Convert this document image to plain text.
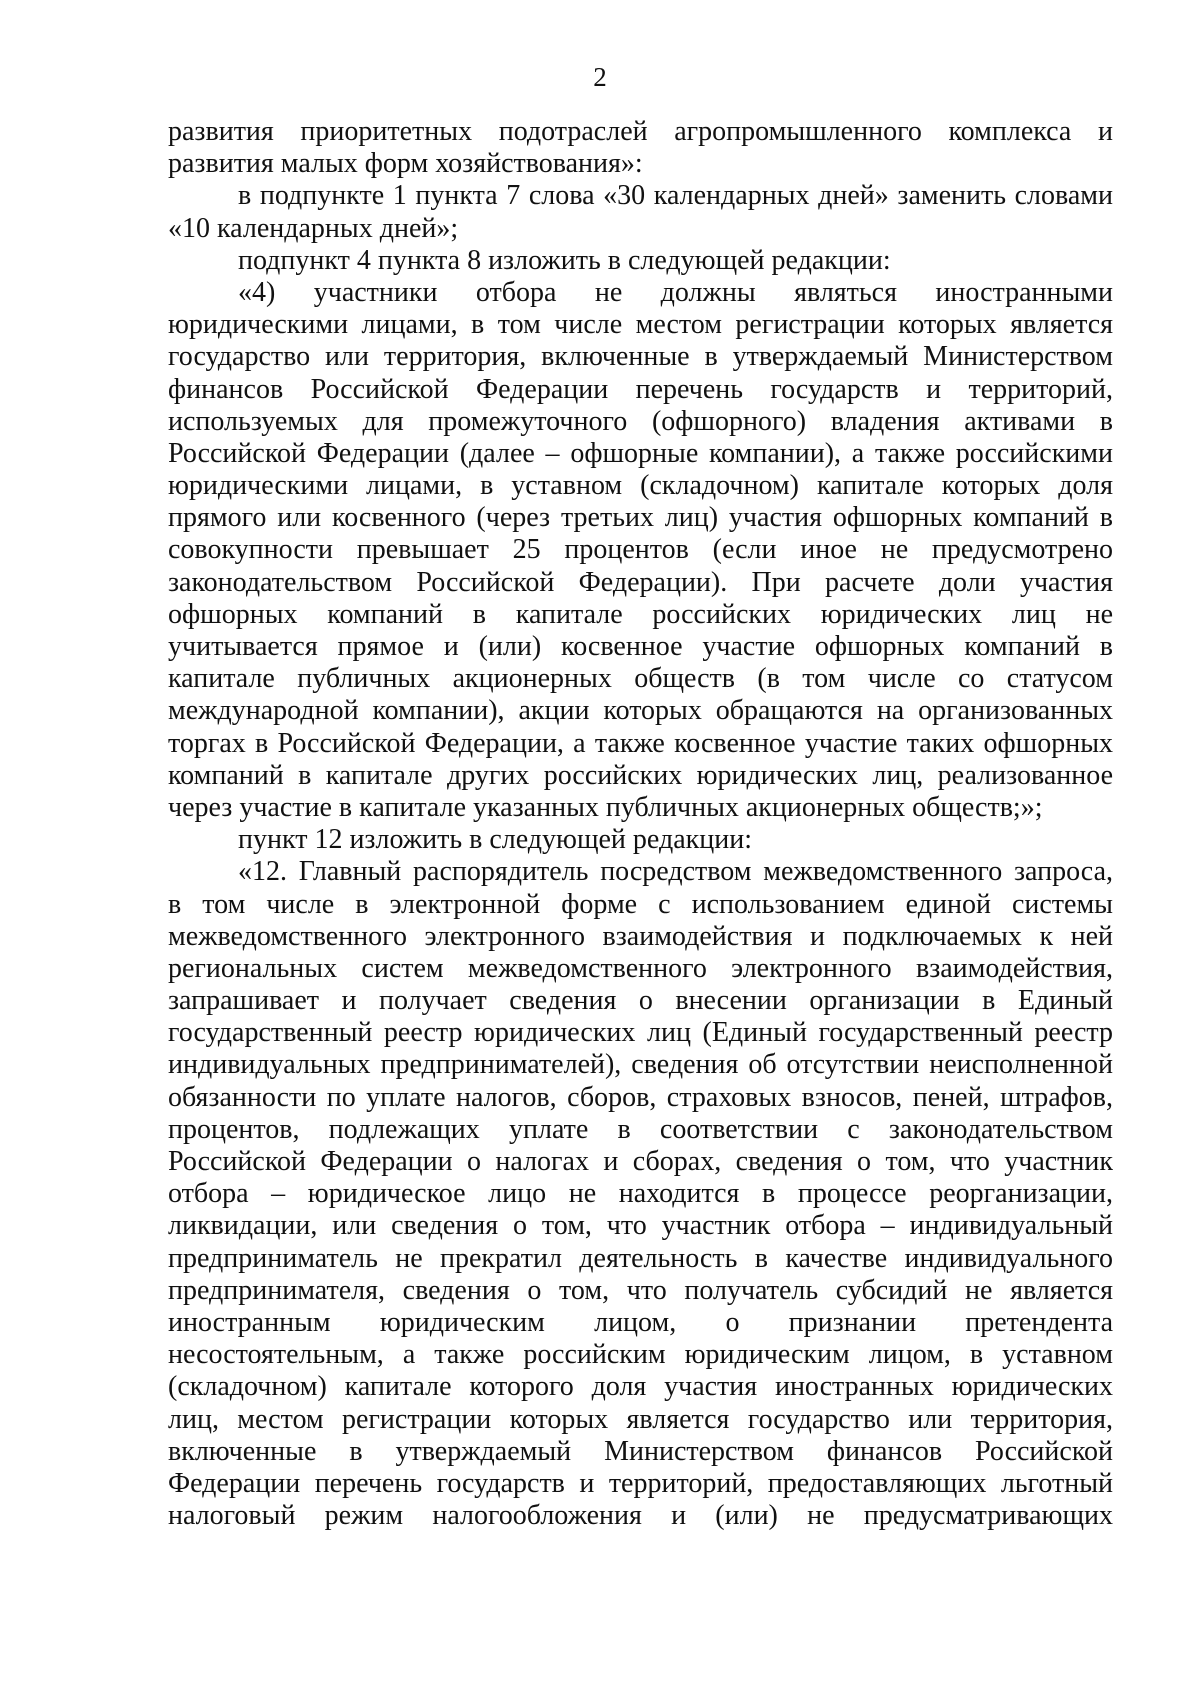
2
развития приоритетных подотраслей агропромышленного комплекса и
развития малых форм хозяйствования»:
в подпункте 1 пункта 7 слова «30 календарных дней» заменить словами
«10 календарных дней»;
подпункт 4 пункта 8 изложить в следующей редакции:
«4) участники отбора не должны являться иностранными
юридическими лицами, в том числе местом регистрации которых является
государство или территория, включенные в утверждаемый Министерством
финансов Российской Федерации перечень государств и территорий,
используемых для промежуточного (офшорного) владения активами в
Российской Федерации (далее – офшорные компании), а также российскими
юридическими лицами, в уставном (складочном) капитале которых доля
прямого или косвенного (через третьих лиц) участия офшорных компаний в
совокупности превышает 25 процентов (если иное не предусмотрено
законодательством Российской Федерации). При расчете доли участия
офшорных компаний в капитале российских юридических лиц не
учитывается прямое и (или) косвенное участие офшорных компаний в
капитале публичных акционерных обществ (в том числе со статусом
международной компании), акции которых обращаются на организованных
торгах в Российской Федерации, а также косвенное участие таких офшорных
компаний в капитале других российских юридических лиц, реализованное
через участие в капитале указанных публичных акционерных обществ;»;
пункт 12 изложить в следующей редакции:
«12. Главный распорядитель посредством межведомственного запроса,
в том числе в электронной форме с использованием единой системы
межведомственного электронного взаимодействия и подключаемых к ней
региональных систем межведомственного электронного взаимодействия,
запрашивает и получает сведения о внесении организации в Единый
государственный реестр юридических лиц (Единый государственный реестр
индивидуальных предпринимателей), сведения об отсутствии неисполненной
обязанности по уплате налогов, сборов, страховых взносов, пеней, штрафов,
процентов, подлежащих уплате в соответствии с законодательством
Российской Федерации о налогах и сборах, сведения о том, что участник
отбора – юридическое лицо не находится в процессе реорганизации,
ликвидации, или сведения о том, что участник отбора – индивидуальный
предприниматель не прекратил деятельность в качестве индивидуального
предпринимателя, сведения о том, что получатель субсидий не является
иностранным юридическим лицом, о признании претендента
несостоятельным, а также российским юридическим лицом, в уставном
(складочном) капитале которого доля участия иностранных юридических
лиц, местом регистрации которых является государство или территория,
включенные в утверждаемый Министерством финансов Российской
Федерации перечень государств и территорий, предоставляющих льготный
налоговый режим налогообложения и (или) не предусматривающих
